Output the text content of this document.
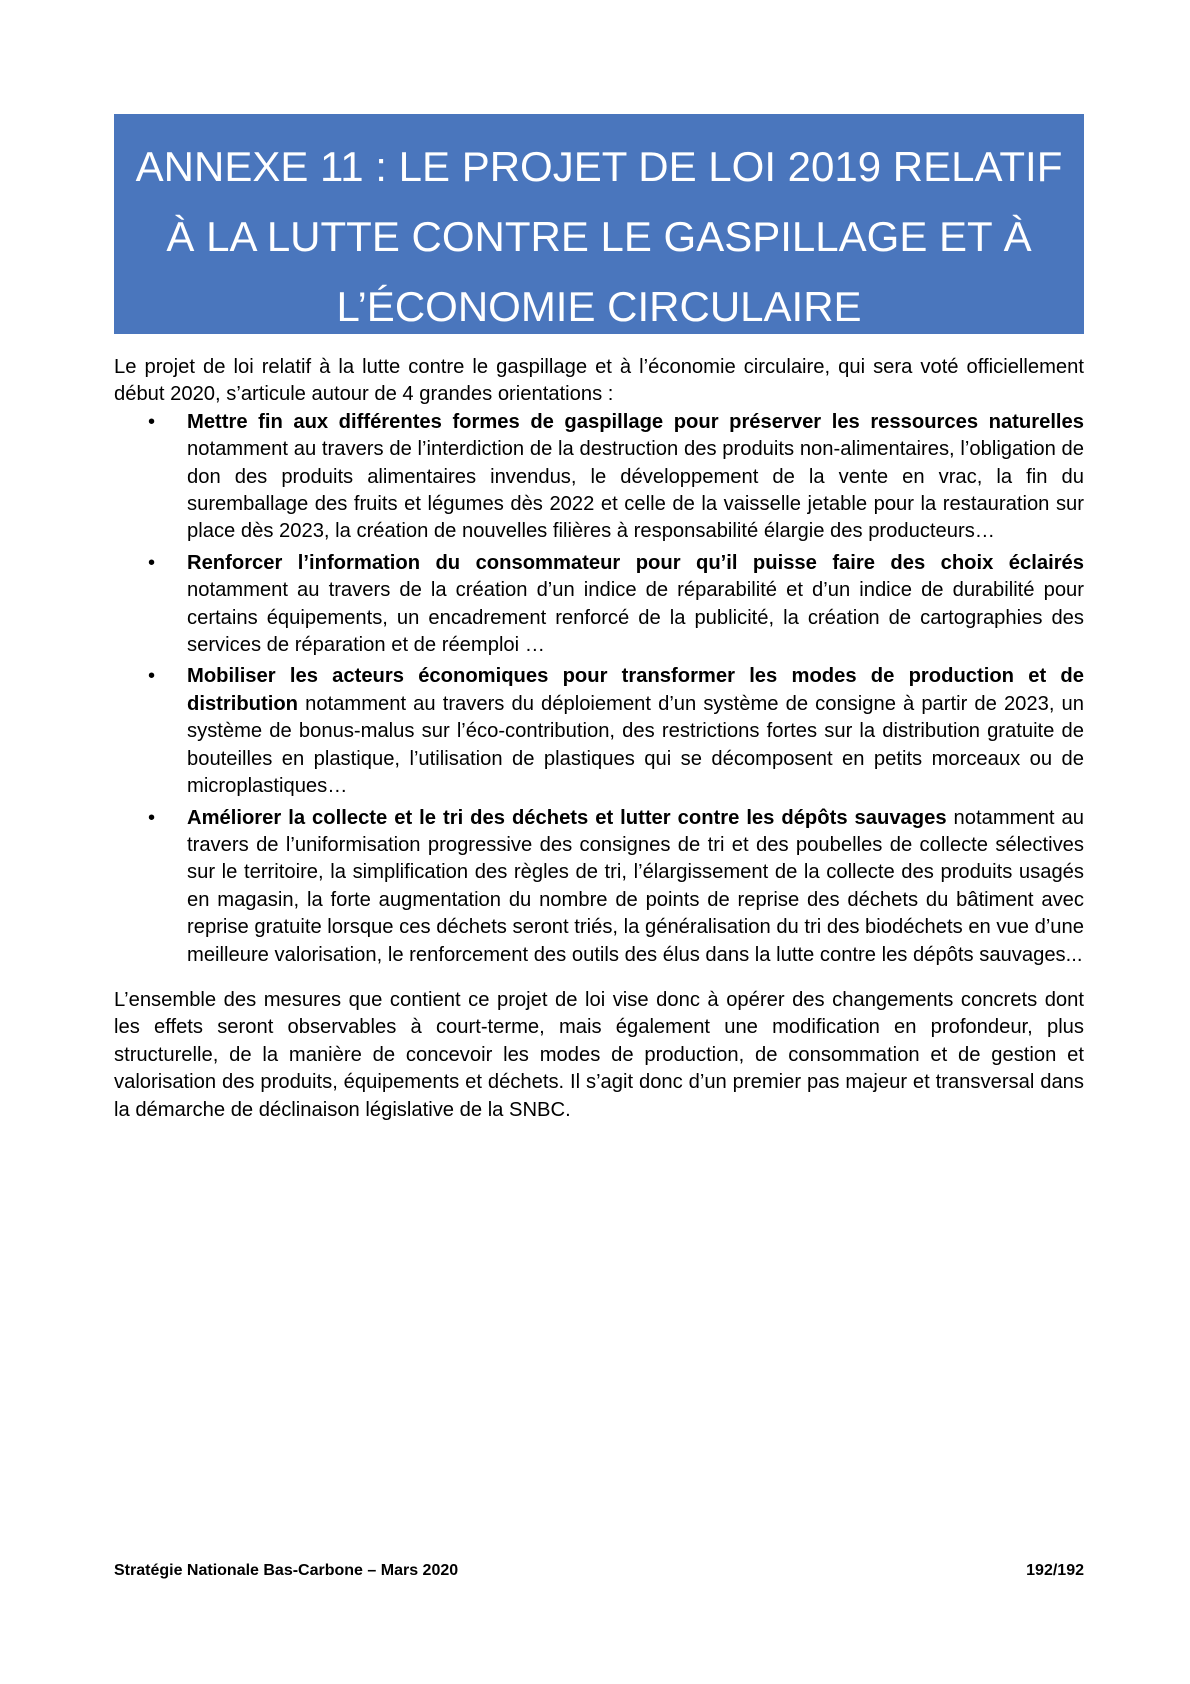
ANNEXE 11 : LE PROJET DE LOI 2019 RELATIF
À LA LUTTE CONTRE LE GASPILLAGE ET À
L’ÉCONOMIE CIRCULAIRE

Le projet de loi relatif à la lutte contre le gaspillage et à l’économie circulaire, qui sera voté officiellement début 2020, s’articule autour de 4 grandes orientations :

• Mettre fin aux différentes formes de gaspillage pour préserver les ressources naturelles notamment au travers de l’interdiction de la destruction des produits non-alimentaires, l’obligation de don des produits alimentaires invendus, le développement de la vente en vrac, la fin du suremballage des fruits et légumes dès 2022 et celle de la vaisselle jetable pour la restauration sur place dès 2023, la création de nouvelles filières à responsabilité élargie des producteurs…
• Renforcer l’information du consommateur pour qu’il puisse faire des choix éclairés notamment au travers de la création d’un indice de réparabilité et d’un indice de durabilité pour certains équipements, un encadrement renforcé de la publicité, la création de cartographies des services de réparation et de réemploi …
• Mobiliser les acteurs économiques pour transformer les modes de production et de distribution notamment au travers du déploiement d’un système de consigne à partir de 2023, un système de bonus-malus sur l’éco-contribution, des restrictions fortes sur la distribution gratuite de bouteilles en plastique, l’utilisation de plastiques qui se décomposent en petits morceaux ou de microplastiques…
• Améliorer la collecte et le tri des déchets et lutter contre les dépôts sauvages notamment au travers de l’uniformisation progressive des consignes de tri et des poubelles de collecte sélectives sur le territoire, la simplification des règles de tri, l’élargissement de la collecte des produits usagés en magasin, la forte augmentation du nombre de points de reprise des déchets du bâtiment avec reprise gratuite lorsque ces déchets seront triés, la généralisation du tri des biodéchets en vue d’une meilleure valorisation, le renforcement des outils des élus dans la lutte contre les dépôts sauvages...

L’ensemble des mesures que contient ce projet de loi vise donc à opérer des changements concrets dont les effets seront observables à court-terme, mais également une modification en profondeur, plus structurelle, de la manière de concevoir les modes de production, de consommation et de gestion et valorisation des produits, équipements et déchets. Il s’agit donc d’un premier pas majeur et transversal dans la démarche de déclinaison législative de la SNBC.

Stratégie Nationale Bas-Carbone – Mars 2020	192/192
